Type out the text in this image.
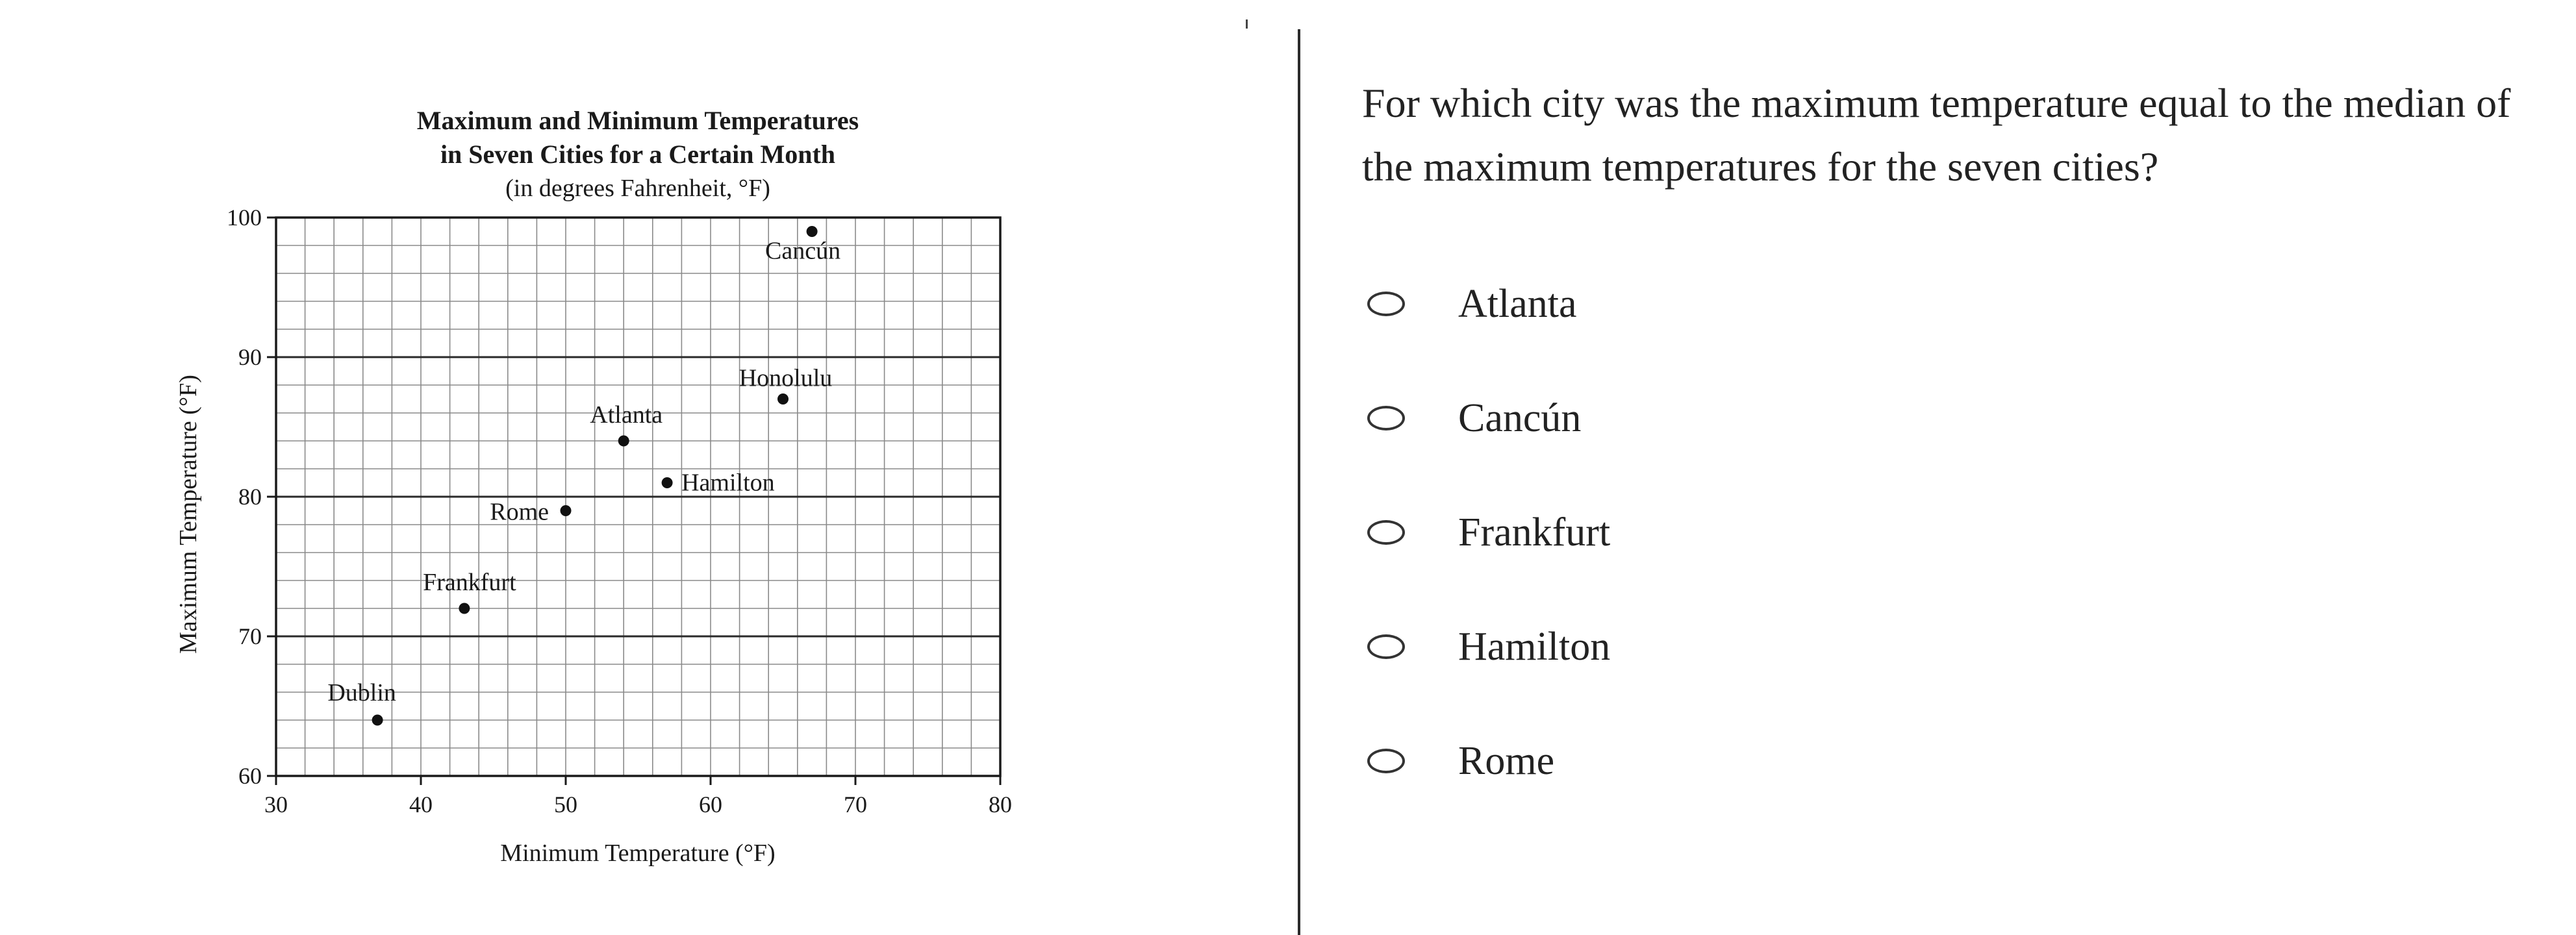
Maximum and Minimum Temperatures
in Seven Cities for a Certain Month
(in degrees Fahrenheit, °F)
Minimum Temperature (°F)
Maximum Temperature (°F)
30	40	50	60	70	80
60
70
80
90
100
Cancún
Honolulu
Atlanta
Hamilton
Rome
Frankfurt
Dublin
For which city was the maximum temperature equal to the median of the maximum temperatures for the seven cities?
Atlanta
Cancún
Frankfurt
Hamilton
Rome
